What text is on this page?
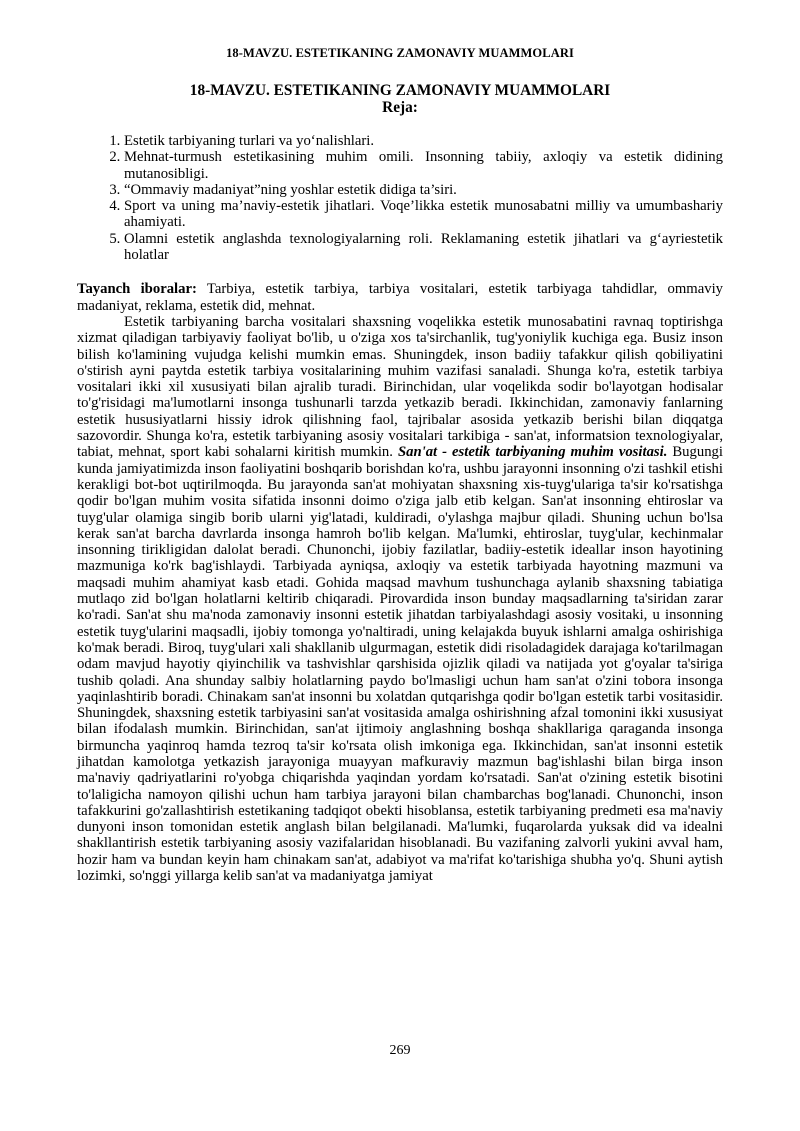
18-MAVZU. ESTETIKANING ZAMONAVIY MUAMMOLARI
18-MAVZU. ESTETIKANING ZAMONAVIY MUAMMOLARI
Reja:
1. Estetik tarbiyaning turlari va yo‘nalishlari.
2. Mehnat-turmush estetikasining muhim omili. Insonning tabiiy, axloqiy va estetik didining mutanosibligi.
3. “Ommaviy madaniyat”ning yoshlar estetik didiga ta’siri.
4. Sport va uning ma’naviy-estetik jihatlari. Voqe’likka estetik munosabatni milliy va umumbashariy ahamiyati.
5. Olamni estetik anglashda texnologiyalarning roli. Reklamaning estetik jihatlari va g‘ayriestetik holatlar

Tayanch iboralar: Tarbiya, estetik tarbiya, tarbiya vositalari, estetik tarbiyaga tahdidlar, ommaviy madaniyat, reklama, estetik did, mehnat.

Estetik tarbiyaning barcha vositalari shaxsning voqelikka estetik munosabatini ravnaq toptirishga xizmat qiladigan tarbiyaviy faoliyat bo'lib, u o'ziga xos ta'sirchanlik, tug'yoniylik kuchiga ega. Busiz inson bilish ko'lamining vujudga kelishi mumkin emas. Shuningdek, inson badiiy tafakkur qilish qobiliyatini o'stirish ayni paytda estetik tarbiya vositalarining muhim vazifasi sanaladi. Shunga ko'ra, estetik tarbiya vositalari ikki xil xususiyati bilan ajralib turadi. Birinchidan, ular voqelikda sodir bo'layotgan hodisalar to'g'risidagi ma'lumotlarni insonga tushunarli tarzda yetkazib beradi. Ikkinchidan, zamonaviy fanlarning estetik hususiyatlarni hissiy idrok qilishning faol, tajribalar asosida yetkazib berishi bilan diqqatga sazovordir. Shunga ko'ra, estetik tarbiyaning asosiy vositalari tarkibiga - san'at, informatsion texnologiyalar, tabiat, mehnat, sport kabi sohalarni kiritish mumkin. San'at - estetik tarbiyaning muhim vositasi. Bugungi kunda jamiyatimizda inson faoliyatini boshqarib borishdan ko'ra, ushbu jarayonni insonning o'zi tashkil etishi kerakligi bot-bot uqtirilmoqda. Bu jarayonda san'at mohiyatan shaxsning xis-tuyg'ulariga ta'sir ko'rsatishga qodir bo'lgan muhim vosita sifatida insonni doimo o'ziga jalb etib kelgan. San'at insonning ehtiroslar va tuyg'ular olamiga singib borib ularni yig'latadi, kuldiradi, o'ylashga majbur qiladi. Shuning uchun bo'lsa kerak san'at barcha davrlarda insonga hamroh bo'lib kelgan. Ma'lumki, ehtiroslar, tuyg'ular, kechinmalar insonning tirikligidan dalolat beradi. Chunonchi, ijobiy fazilatlar, badiiy-estetik ideallar inson hayotining mazmuniga ko'rk bag'ishlaydi. Tarbiyada ayniqsa, axloqiy va estetik tarbiyada hayotning mazmuni va maqsadi muhim ahamiyat kasb etadi. Gohida maqsad mavhum tushunchaga aylanib shaxsning tabiatiga mutlaqo zid bo'lgan holatlarni keltirib chiqaradi. Pirovardida inson bunday maqsadlarning ta'siridan zarar ko'radi. San'at shu ma'noda zamonaviy insonni estetik jihatdan tarbiyalashdagi asosiy vositaki, u insonning estetik tuyg'ularini maqsadli, ijobiy tomonga yo'naltiradi, uning kelajakda buyuk ishlarni amalga oshirishiga ko'mak beradi. Biroq, tuyg'ulari xali shakllanib ulgurmagan, estetik didi risoladagidek darajaga ko'tarilmagan odam mavjud hayotiy qiyinchilik va tashvishlar qarshisida ojizlik qiladi va natijada yot g'oyalar ta'siriga tushib qoladi. Ana shunday salbiy holatlarning paydo bo'lmasligi uchun ham san'at o'zini tobora insonga yaqinlashtirib boradi. Chinakam san'at insonni bu xolatdan qutqarishga qodir bo'lgan estetik tarbi vositasidir. Shuningdek, shaxsning estetik tarbiyasini san'at vositasida amalga oshirishning afzal tomonini ikki xususiyat bilan ifodalash mumkin. Birinchidan, san'at ijtimoiy anglashning boshqa shakllariga qaraganda insonga birmuncha yaqinroq hamda tezroq ta'sir ko'rsata olish imkoniga ega. Ikkinchidan, san'at insonni estetik jihatdan kamolotga yetkazish jarayoniga muayyan mafkuraviy mazmun bag'ishlashi bilan birga inson ma'naviy qadriyatlarini ro'yobga chiqarishda yaqindan yordam ko'rsatadi. San'at o'zining estetik bisotini to'laligicha namoyon qilishi uchun ham tarbiya jarayoni bilan chambarchas bog'lanadi. Chunonchi, inson tafakkurini go'zallashtirish estetikaning tadqiqot obekti hisoblansa, estetik tarbiyaning predmeti esa ma'naviy dunyoni inson tomonidan estetik anglash bilan belgilanadi. Ma'lumki, fuqarolarda yuksak did va idealni shakllantirish estetik tarbiyaning asosiy vazifalaridan hisoblanadi. Bu vazifaning zalvorli yukini avval ham, hozir ham va bundan keyin ham chinakam san'at, adabiyot va ma'rifat ko'tarishiga shubha yo'q. Shuni aytish lozimki, so'nggi yillarga kelib san'at va madaniyatga jamiyat

269
